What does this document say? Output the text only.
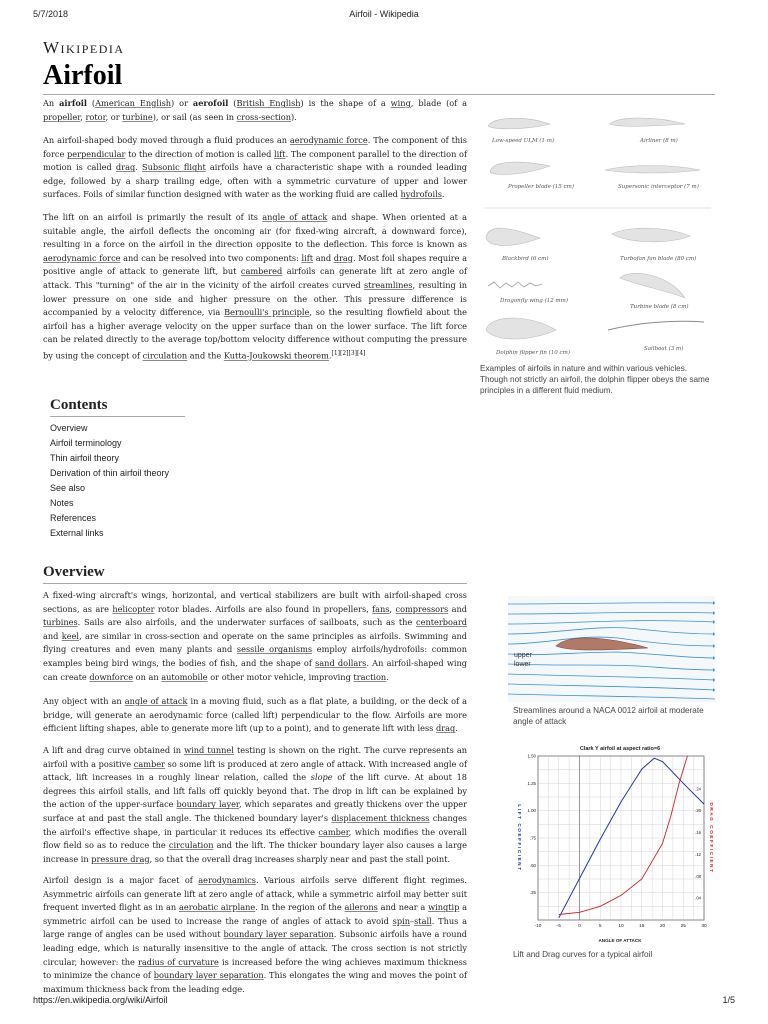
5/7/2018	Airfoil - Wikipedia
Wikipedia
Airfoil

An airfoil (American English) or aerofoil (British English) is the shape of a wing, blade (of a propeller, rotor, or turbine), or sail (as seen in cross-section).

An airfoil-shaped body moved through a fluid produces an aerodynamic force. The component of this force perpendicular to the direction of motion is called lift. The component parallel to the direction of motion is called drag. Subsonic flight airfoils have a characteristic shape with a rounded leading edge, followed by a sharp trailing edge, often with a symmetric curvature of upper and lower surfaces. Foils of similar function designed with water as the working fluid are called hydrofoils.

The lift on an airfoil is primarily the result of its angle of attack and shape. When oriented at a suitable angle, the airfoil deflects the oncoming air (for fixed-wing aircraft, a downward force), resulting in a force on the airfoil in the direction opposite to the deflection. This force is known as aerodynamic force and can be resolved into two components: lift and drag. Most foil shapes require a positive angle of attack to generate lift, but cambered airfoils can generate lift at zero angle of attack. This "turning" of the air in the vicinity of the airfoil creates curved streamlines, resulting in lower pressure on one side and higher pressure on the other. This pressure difference is accompanied by a velocity difference, via Bernoulli's principle, so the resulting flowfield about the airfoil has a higher average velocity on the upper surface than on the lower surface. The lift force can be related directly to the average top/bottom velocity difference without computing the pressure by using the concept of circulation and the Kutta-Joukowski theorem.[1][2][3][4]

Low-speed ULM (1 m)	Airliner (8 m)
Propeller blade (15 cm)	Supersonic interceptor (7 m)
Blackbird (6 cm)	Turbofan fan blade (80 cm)
Dragonfly wing (12 mm)
Turbine blade (8 cm)
Dolphin flipper fin (10 cm)
Sailboat (3 m)
Examples of airfoils in nature and within various vehicles. Though not strictly an airfoil, the dolphin flipper obeys the same principles in a different fluid medium.
Contents
Overview
Airfoil terminology
Thin airfoil theory
Derivation of thin airfoil theory
See also
Notes
References
External links
Overview

A fixed-wing aircraft's wings, horizontal, and vertical stabilizers are built with airfoil-shaped cross sections, as are helicopter rotor blades. Airfoils are also found in propellers, fans, compressors and turbines. Sails are also airfoils, and the underwater surfaces of sailboats, such as the centerboard and keel, are similar in cross-section and operate on the same principles as airfoils. Swimming and flying creatures and even many plants and sessile organisms employ airfoils/hydrofoils: common examples being bird wings, the bodies of fish, and the shape of sand dollars. An airfoil-shaped wing can create downforce on an automobile or other motor vehicle, improving traction.

Any object with an angle of attack in a moving fluid, such as a flat plate, a building, or the deck of a bridge, will generate an aerodynamic force (called lift) perpendicular to the flow. Airfoils are more efficient lifting shapes, able to generate more lift (up to a point), and to generate lift with less drag.

A lift and drag curve obtained in wind tunnel testing is shown on the right. The curve represents an airfoil with a positive camber so some lift is produced at zero angle of attack. With increased angle of attack, lift increases in a roughly linear relation, called the slope of the lift curve. At about 18 degrees this airfoil stalls, and lift falls off quickly beyond that. The drop in lift can be explained by the action of the upper-surface boundary layer, which separates and greatly thickens over the upper surface at and past the stall angle. The thickened boundary layer's displacement thickness changes the airfoil's effective shape, in particular it reduces its effective camber, which modifies the overall flow field so as to reduce the circulation and the lift. The thicker boundary layer also causes a large increase in pressure drag, so that the overall drag increases sharply near and past the stall point.

Airfoil design is a major facet of aerodynamics. Various airfoils serve different flight regimes. Asymmetric airfoils can generate lift at zero angle of attack, while a symmetric airfoil may better suit frequent inverted flight as in an aerobatic airplane. In the region of the ailerons and near a wingtip a symmetric airfoil can be used to increase the range of angles of attack to avoid spin–stall. Thus a large range of angles can be used without boundary layer separation. Subsonic airfoils have a round leading edge, which is naturally insensitive to the angle of attack. The cross section is not strictly circular, however: the radius of curvature is increased before the wing achieves maximum thickness to minimize the chance of boundary layer separation. This elongates the wing and moves the point of maximum thickness back from the leading edge.

upper
lower
Streamlines around a NACA 0012 airfoil at moderate angle of attack
Clark Y airfoil at aspect ratio=6
-10	-5	0	5	10	15	20	25	30
.25
.50
.75
1.00
1.25
1.50
.04
.08
.12
.16
.20
.24
ANGLE OF ATTACK
LIFT COEFFICIENT	DRAG COEFFICIENT
Lift and Drag curves for a typical airfoil
https://en.wikipedia.org/wiki/Airfoil	1/5
